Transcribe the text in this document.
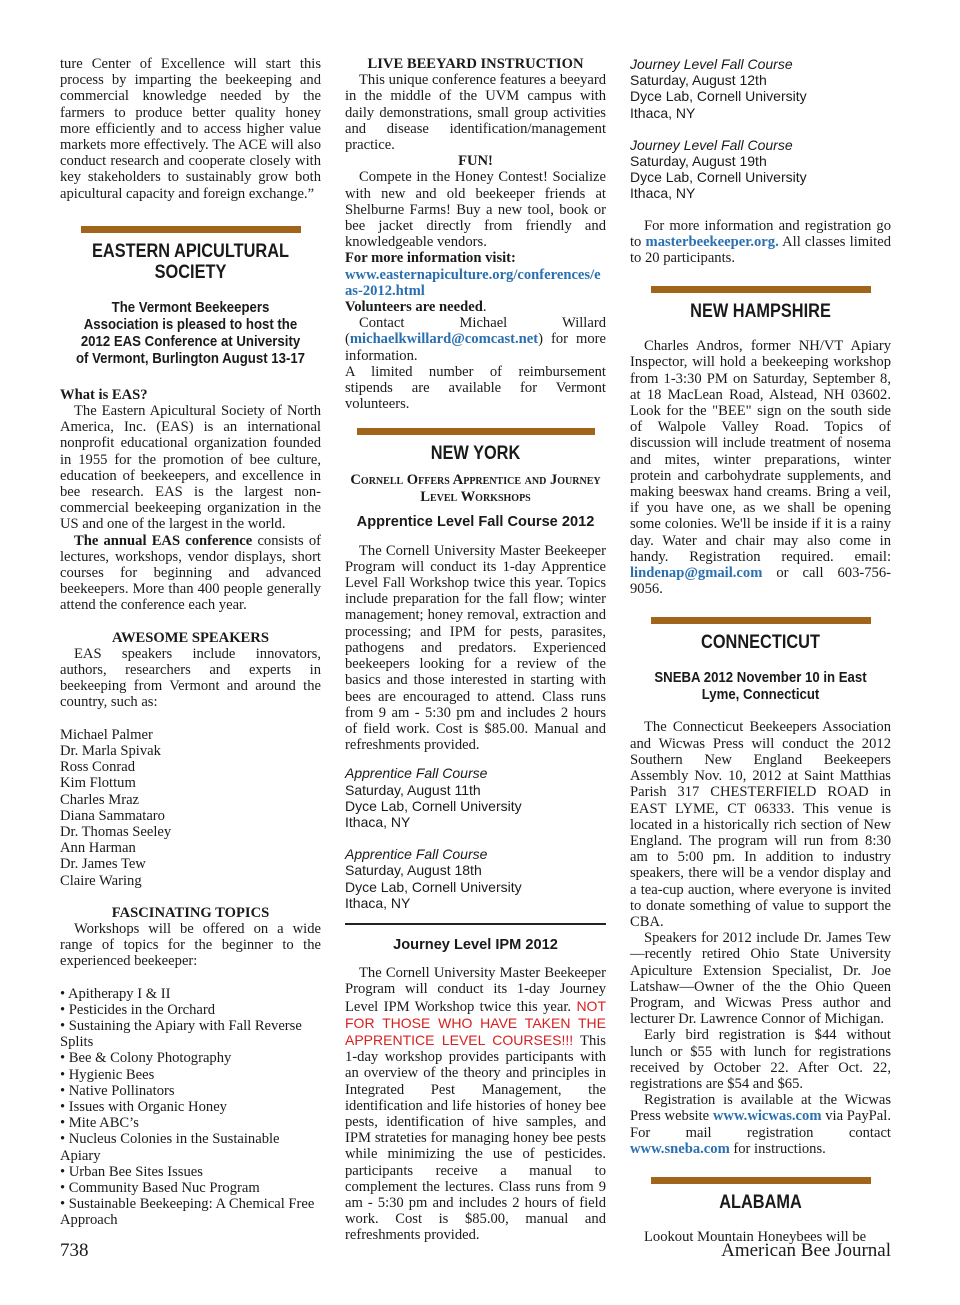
ture Center of Excellence will start this process by imparting the beekeeping and commercial knowledge needed by the farmers to produce better quality honey more efficiently and to access higher value markets more effectively. The ACE will also conduct research and cooperate closely with key stakeholders to sustainably grow both apicultural capacity and foreign exchange.”

EASTERN APICULTURAL SOCIETY

The Vermont Beekeepers Association is pleased to host the 2012 EAS Conference at University of Vermont, Burlington August 13-17

What is EAS?

The Eastern Apicultural Society of North America, Inc. (EAS) is an international nonprofit educational organization founded in 1955 for the promotion of bee culture, education of beekeepers, and excellence in bee research. EAS is the largest non-commercial beekeeping organization in the US and one of the largest in the world.

The annual EAS conference consists of lectures, workshops, vendor displays, short courses for beginning and advanced beekeepers. More than 400 people generally attend the conference each year.

AWESOME SPEAKERS

EAS speakers include innovators, authors, researchers and experts in beekeeping from Vermont and around the country, such as:

Michael Palmer

Dr. Marla Spivak

Ross Conrad

Kim Flottum

Charles Mraz

Diana Sammataro

Dr. Thomas Seeley

Ann Harman

Dr. James Tew

Claire Waring

FASCINATING TOPICS

Workshops will be offered on a wide range of topics for the beginner to the experienced beekeeper:

• Apitherapy I & II

• Pesticides in the Orchard

• Sustaining the Apiary with Fall Reverse Splits

• Bee & Colony Photography

• Hygienic Bees

• Native Pollinators

• Issues with Organic Honey

• Mite ABC’s

• Nucleus Colonies in the Sustainable Apiary

• Urban Bee Sites Issues

• Community Based Nuc Program

• Sustainable Beekeeping: A Chemical Free Approach

LIVE BEEYARD INSTRUCTION

This unique conference features a beeyard in the middle of the UVM campus with daily demonstrations, small group activities and disease identification/management practice.

FUN!

Compete in the Honey Contest! Socialize with new and old beekeeper friends at Shelburne Farms! Buy a new tool, book or bee jacket directly from friendly and knowledgeable vendors.

For more information visit:

www.easternapiculture.org/conferences/eas-2012.html

Volunteers are needed.

Contact Michael Willard (michaelkwillard@comcast.net) for more information.

A limited number of reimbursement stipends are available for Vermont volunteers.

NEW YORK

Cornell Offers Apprentice and Journey Level Workshops

Apprentice Level Fall Course 2012

The Cornell University Master Beekeeper Program will conduct its 1-day Apprentice Level Fall Workshop twice this year. Topics include preparation for the fall flow; winter management; honey removal, extraction and processing; and IPM for pests, parasites, pathogens and predators. Experienced beekeepers looking for a review of the basics and those interested in starting with bees are encouraged to attend. Class runs from 9 am - 5:30 pm and includes 2 hours of field work. Cost is $85.00. Manual and refreshments provided.

Apprentice Fall Course

Saturday, August 11th

Dyce Lab, Cornell University

Ithaca, NY

Apprentice Fall Course

Saturday, August 18th

Dyce Lab, Cornell University

Ithaca, NY

Journey Level IPM 2012

The Cornell University Master Beekeeper Program will conduct its 1-day Journey Level IPM Workshop twice this year. NOT FOR THOSE WHO HAVE TAKEN THE APPRENTICE LEVEL COURSES!!! This 1-day workshop provides participants with an overview of the theory and principles in Integrated Pest Management, the identification and life histories of honey bee pests, identification of hive samples, and IPM strateties for managing honey bee pests while minimizing the use of pesticides. participants receive a manual to complement the lectures. Class runs from 9 am - 5:30 pm and includes 2 hours of field work. Cost is $85.00, manual and refreshments provided.

Journey Level Fall Course

Saturday, August 12th

Dyce Lab, Cornell University

Ithaca, NY

Journey Level Fall Course

Saturday, August 19th

Dyce Lab, Cornell University

Ithaca, NY

For more information and registration go to masterbeekeeper.org. All classes limited to 20 participants.

NEW HAMPSHIRE

Charles Andros, former NH/VT Apiary Inspector, will hold a beekeeping workshop from 1-3:30 PM on Saturday, September 8, at 18 MacLean Road, Alstead, NH 03602. Look for the "BEE" sign on the south side of Walpole Valley Road. Topics of discussion will include treatment of nosema and mites, winter preparations, winter protein and carbohydrate supplements, and making beeswax hand creams. Bring a veil, if you have one, as we shall be opening some colonies. We'll be inside if it is a rainy day. Water and chair may also come in handy. Registration required. email: lindenap@gmail.com or call 603-756-9056.

CONNECTICUT

SNEBA 2012 November 10 in East Lyme, Connecticut

The Connecticut Beekeepers Association and Wicwas Press will conduct the 2012 Southern New England Beekeepers Assembly Nov. 10, 2012 at Saint Matthias Parish 317 CHESTERFIELD ROAD in EAST LYME, CT 06333. This venue is located in a historically rich section of New England. The program will run from 8:30 am to 5:00 pm. In addition to industry speakers, there will be a vendor display and a tea-cup auction, where everyone is invited to donate something of value to support the CBA.

Speakers for 2012 include Dr. James Tew—recently retired Ohio State University Apiculture Extension Specialist, Dr. Joe Latshaw—Owner of the the Ohio Queen Program, and Wicwas Press author and lecturer Dr. Lawrence Connor of Michigan.

Early bird registration is $44 without lunch or $55 with lunch for registrations received by October 22. After Oct. 22, registrations are $54 and $65.

Registration is available at the Wicwas Press website www.wicwas.com via PayPal. For mail registration contact www.sneba.com for instructions.

ALABAMA

Lookout Mountain Honeybees will be

738	American Bee Journal
